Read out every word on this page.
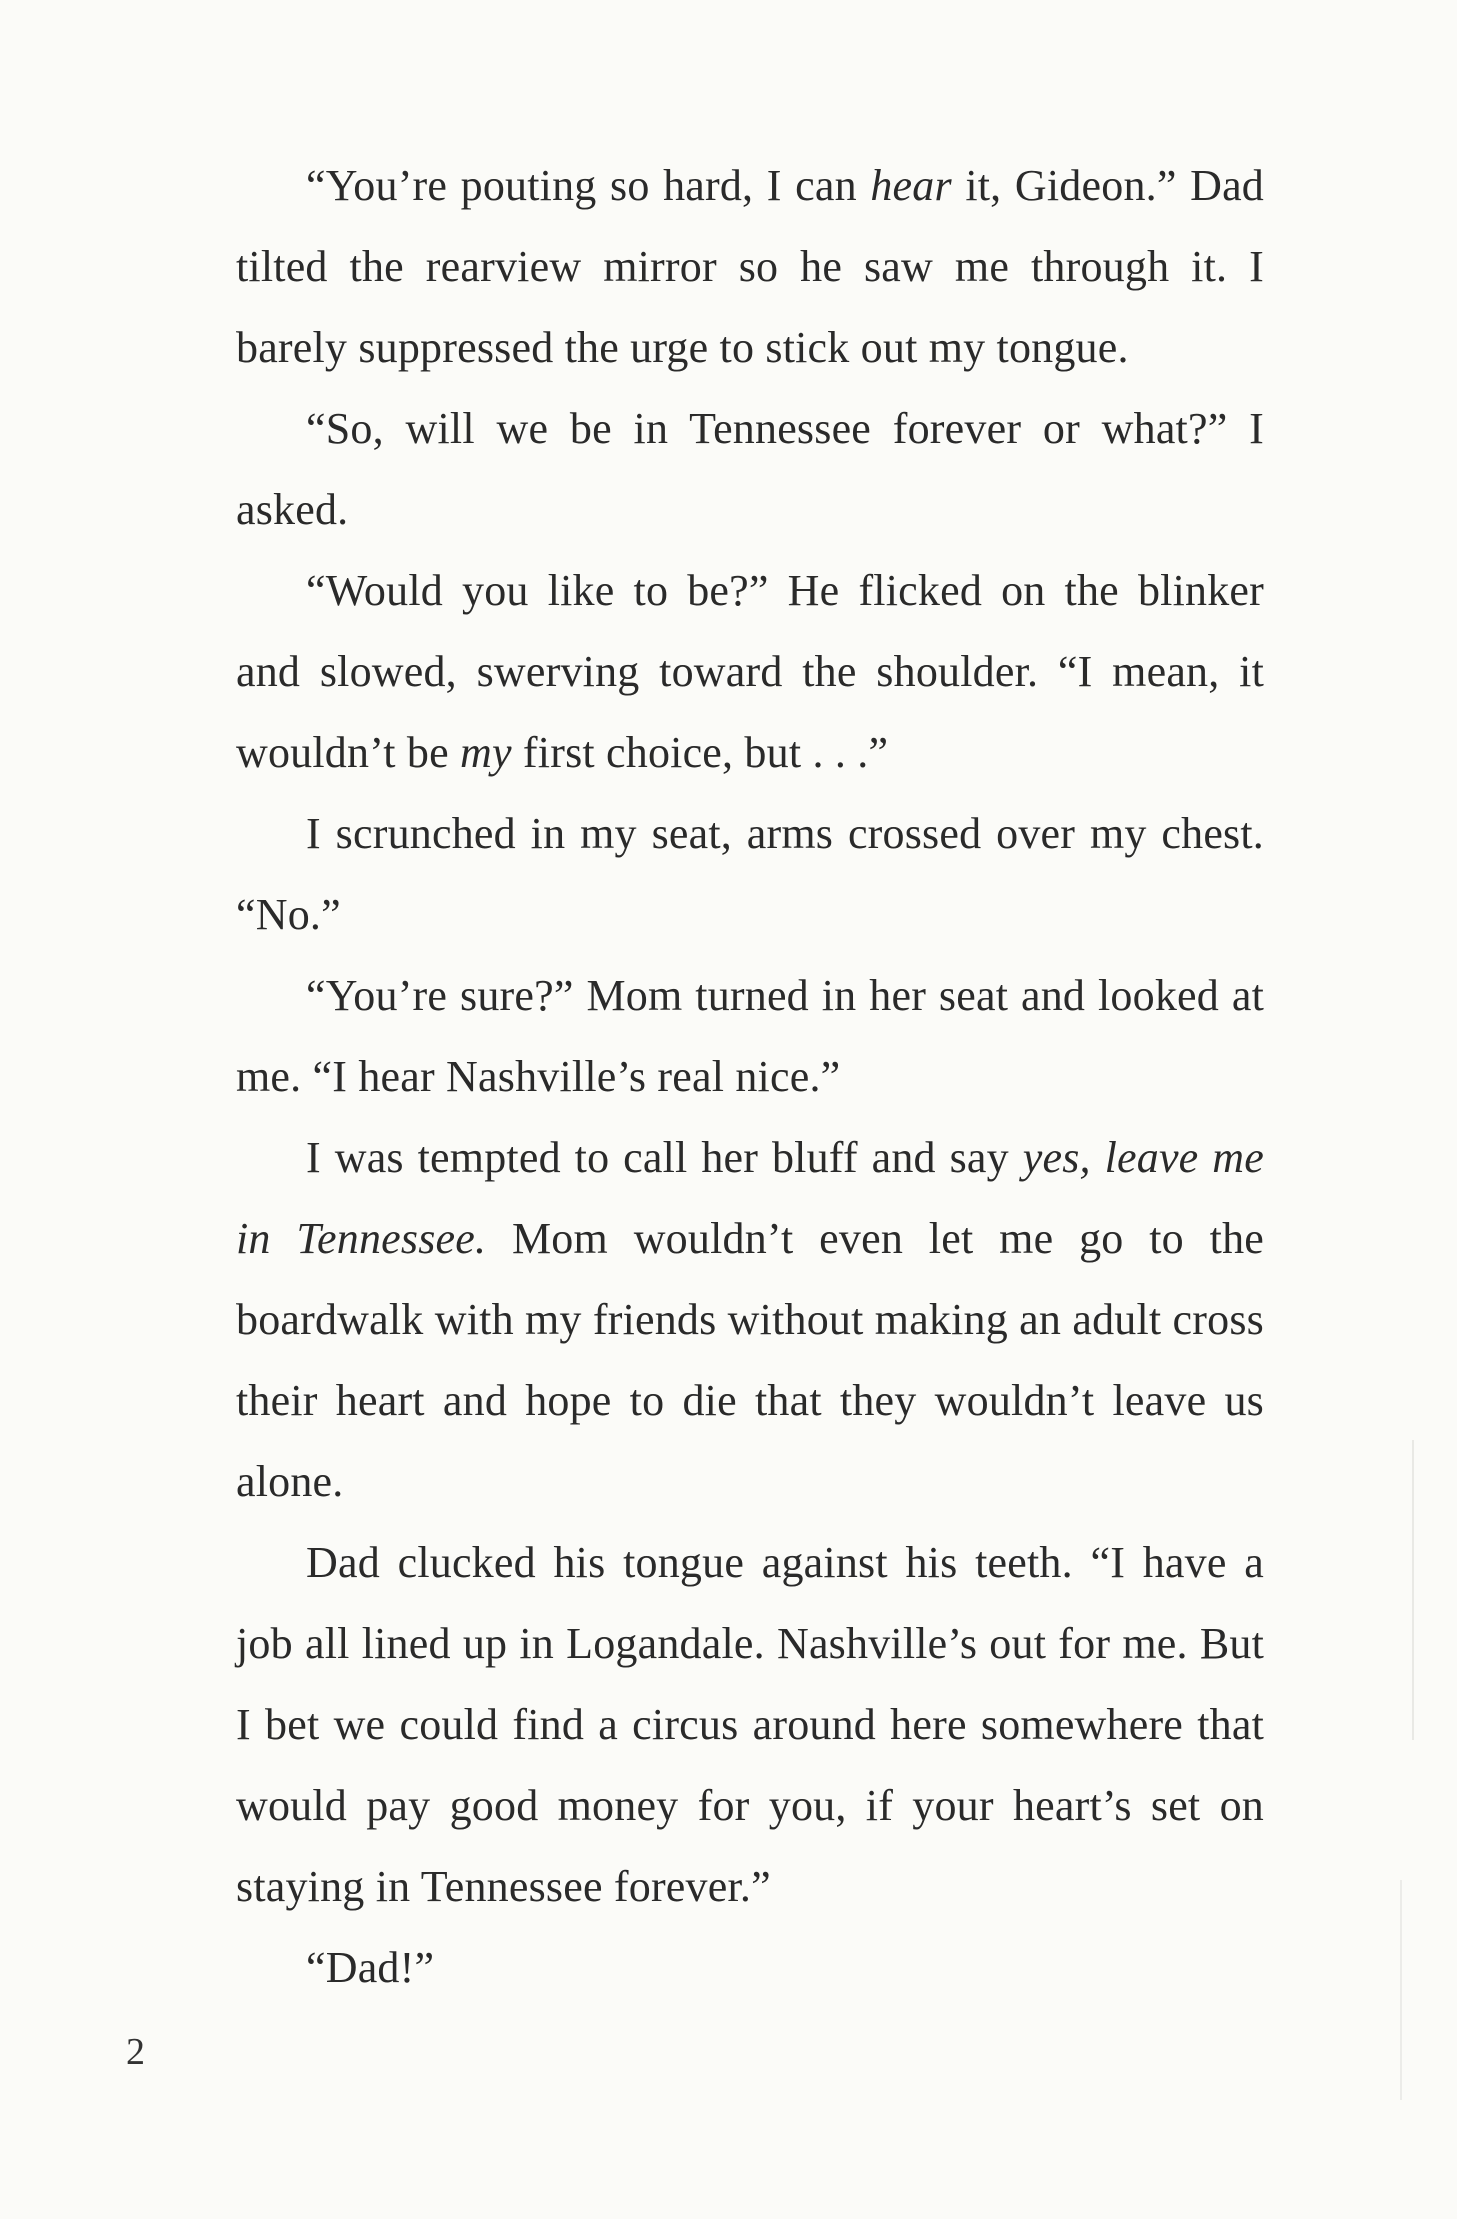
“You’re pouting so hard, I can hear it, Gideon.” Dad tilted the rearview mirror so he saw me through it. I barely suppressed the urge to stick out my tongue.

“So, will we be in Tennessee forever or what?” I asked.

“Would you like to be?” He flicked on the blinker and slowed, swerving toward the shoulder. “I mean, it wouldn’t be my first choice, but . . .”

I scrunched in my seat, arms crossed over my chest. “No.”

“You’re sure?” Mom turned in her seat and looked at me. “I hear Nashville’s real nice.”

I was tempted to call her bluff and say yes, leave me in Tennessee. Mom wouldn’t even let me go to the boardwalk with my friends without making an adult cross their heart and hope to die that they wouldn’t leave us alone.

Dad clucked his tongue against his teeth. “I have a job all lined up in Logandale. Nashville’s out for me. But I bet we could find a circus around here somewhere that would pay good money for you, if your heart’s set on staying in Tennessee forever.”

“Dad!”

2
